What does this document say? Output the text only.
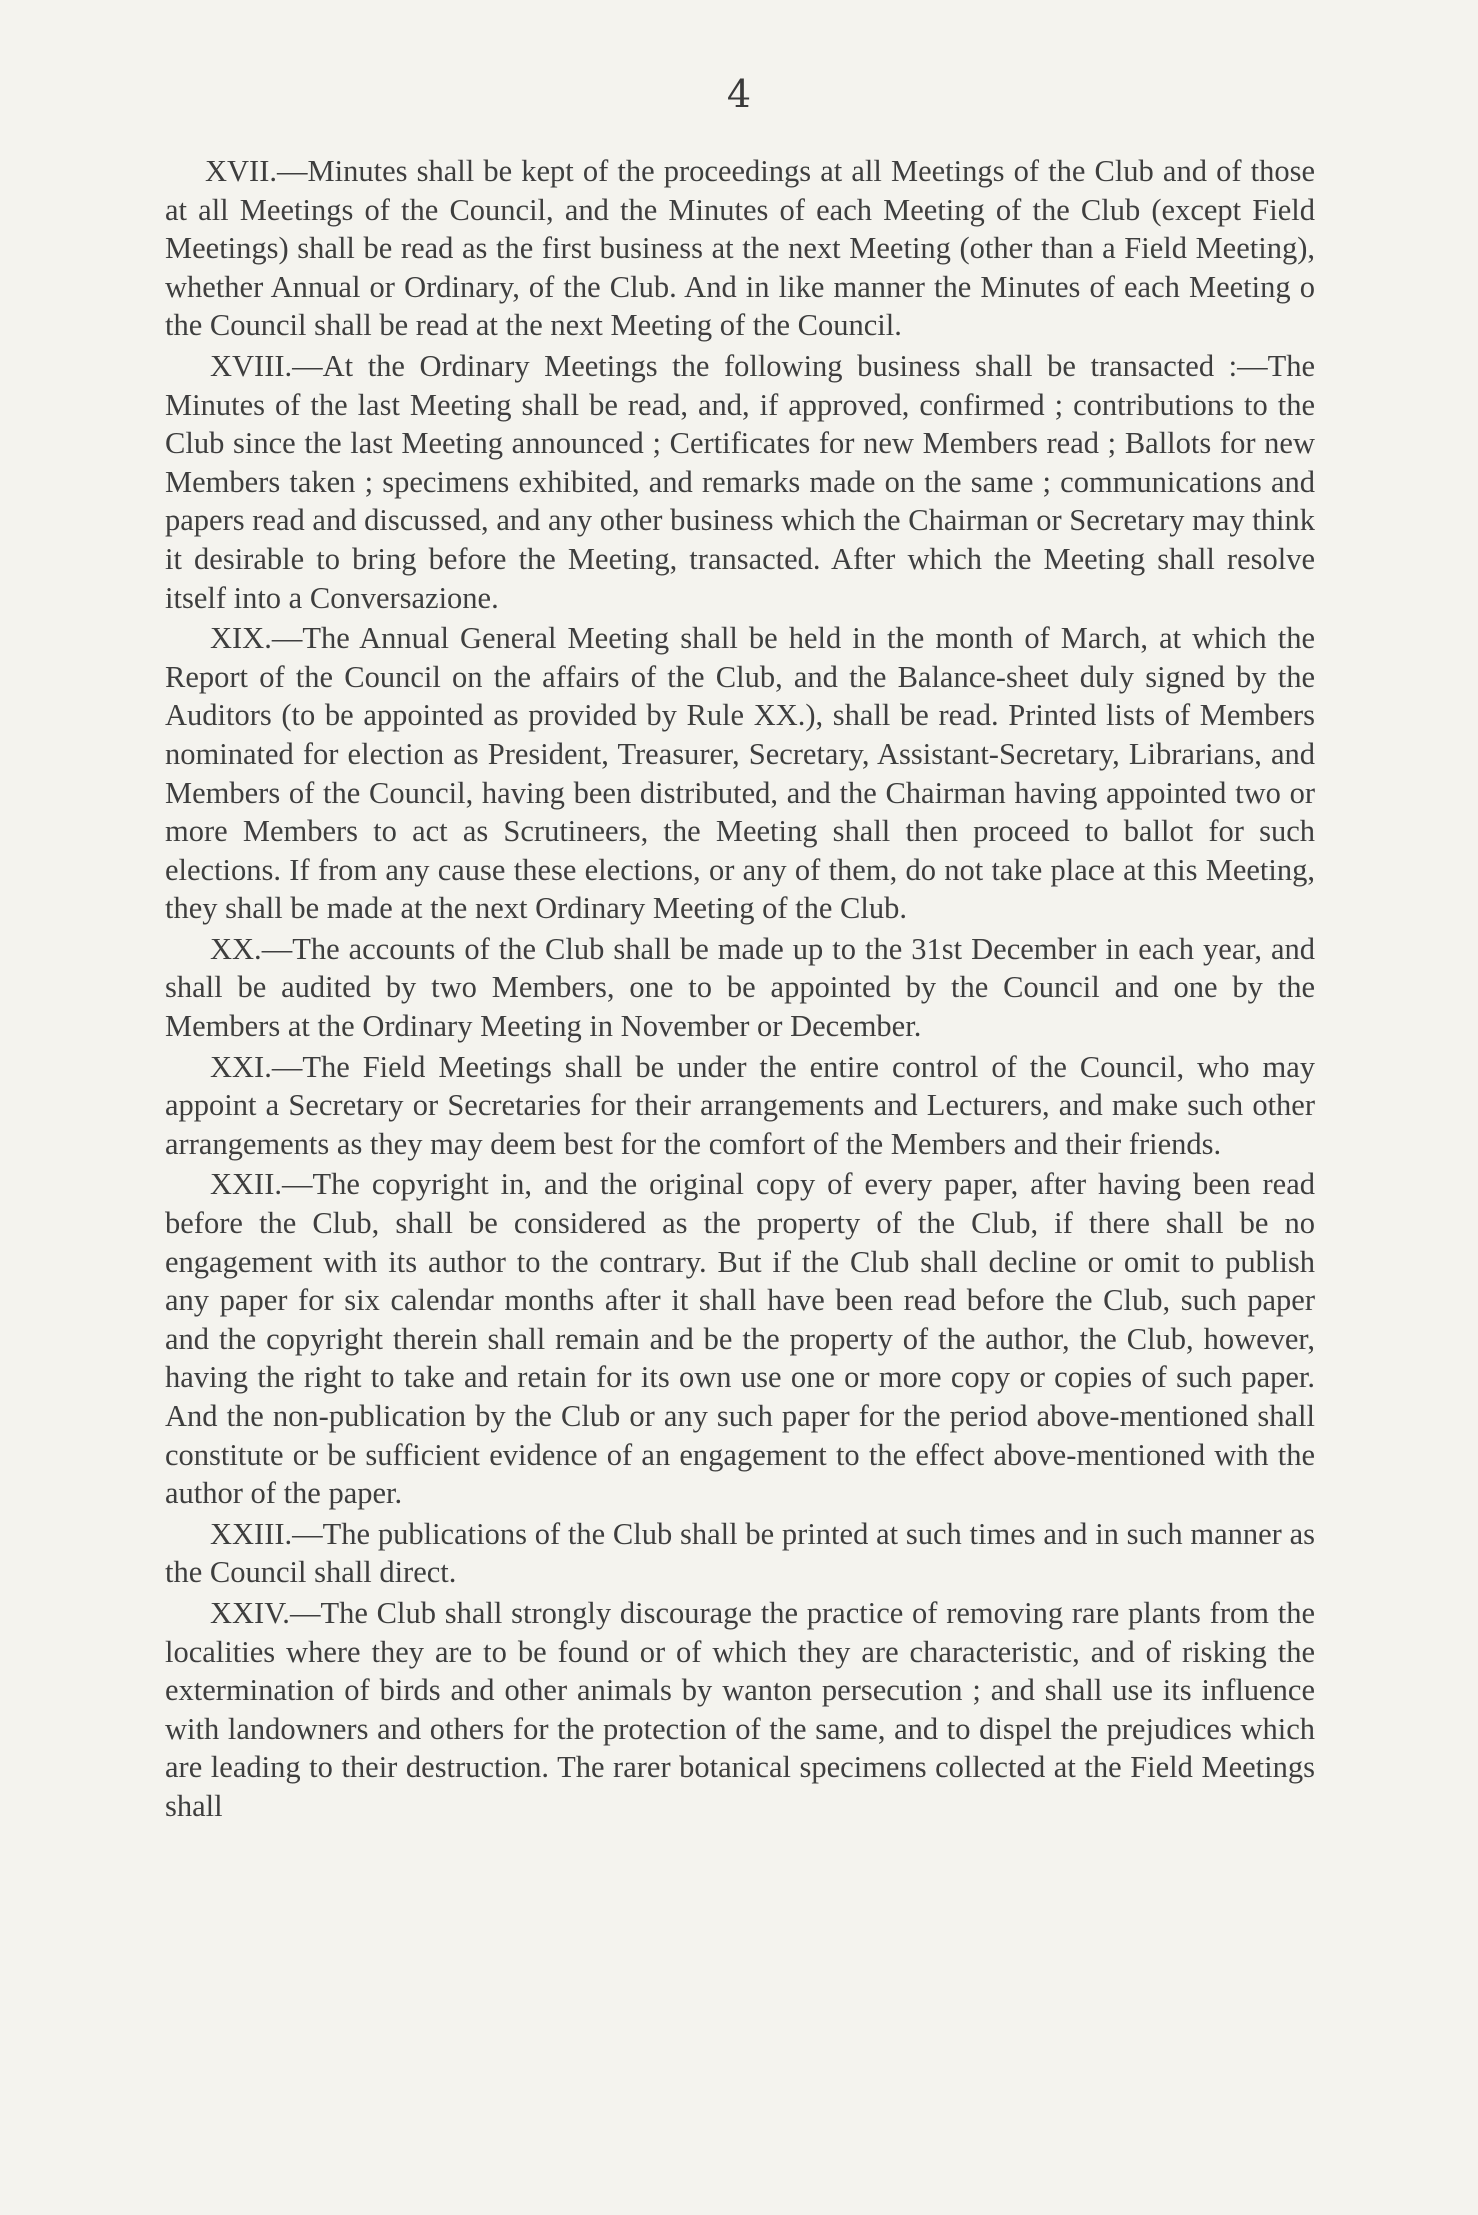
4

XVII.—Minutes shall be kept of the proceedings at all Meetings of the Club and of those at all Meetings of the Council, and the Minutes of each Meeting of the Club (except Field Meetings) shall be read as the first business at the next Meeting (other than a Field Meeting), whether Annual or Ordinary, of the Club. And in like manner the Minutes of each Meeting o the Council shall be read at the next Meeting of the Council.

XVIII.—At the Ordinary Meetings the following business shall be transacted :—The Minutes of the last Meeting shall be read, and, if approved, confirmed ; contributions to the Club since the last Meeting announced ; Certificates for new Members read ; Ballots for new Members taken ; specimens exhibited, and remarks made on the same ; communications and papers read and discussed, and any other business which the Chairman or Secretary may think it desirable to bring before the Meeting, transacted. After which the Meeting shall resolve itself into a Conversazione.

XIX.—The Annual General Meeting shall be held in the month of March, at which the Report of the Council on the affairs of the Club, and the Balance-sheet duly signed by the Auditors (to be appointed as provided by Rule XX.), shall be read. Printed lists of Members nominated for election as President, Treasurer, Secretary, Assistant-Secretary, Librarians, and Members of the Council, having been distributed, and the Chairman having appointed two or more Members to act as Scrutineers, the Meeting shall then proceed to ballot for such elections. If from any cause these elections, or any of them, do not take place at this Meeting, they shall be made at the next Ordinary Meeting of the Club.

XX.—The accounts of the Club shall be made up to the 31st December in each year, and shall be audited by two Members, one to be appointed by the Council and one by the Members at the Ordinary Meeting in November or December.

XXI.—The Field Meetings shall be under the entire control of the Council, who may appoint a Secretary or Secretaries for their arrangements and Lecturers, and make such other arrangements as they may deem best for the comfort of the Members and their friends.

XXII.—The copyright in, and the original copy of every paper, after having been read before the Club, shall be considered as the property of the Club, if there shall be no engagement with its author to the contrary. But if the Club shall decline or omit to publish any paper for six calendar months after it shall have been read before the Club, such paper and the copyright therein shall remain and be the property of the author, the Club, however, having the right to take and retain for its own use one or more copy or copies of such paper. And the non-publication by the Club or any such paper for the period above-mentioned shall constitute or be sufficient evidence of an engagement to the effect above-mentioned with the author of the paper.

XXIII.—The publications of the Club shall be printed at such times and in such manner as the Council shall direct.

XXIV.—The Club shall strongly discourage the practice of removing rare plants from the localities where they are to be found or of which they are characteristic, and of risking the extermination of birds and other animals by wanton persecution ; and shall use its influence with landowners and others for the protection of the same, and to dispel the prejudices which are leading to their destruction. The rarer botanical specimens collected at the Field Meetings shall
